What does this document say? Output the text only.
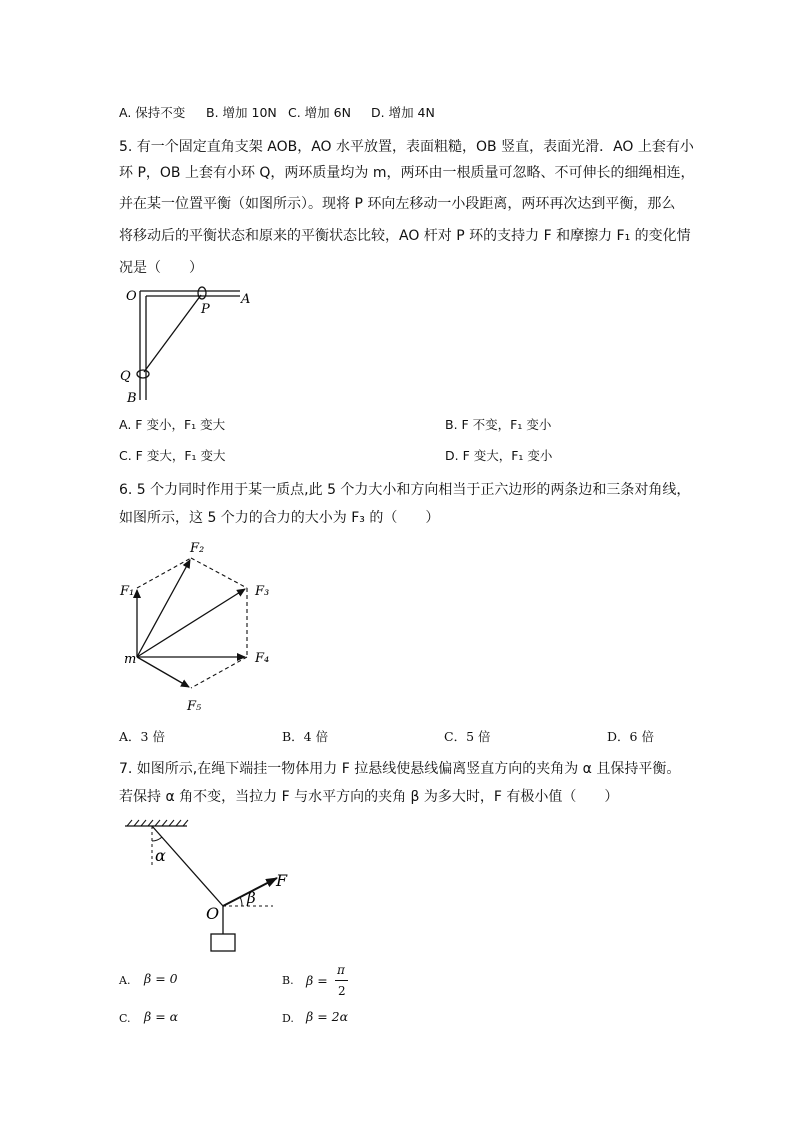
A. 保持不变 B. 增加 10N C. 增加 6N D. 增加 4N
5. 有一个固定直角支架 AOB，AO 水平放置，表面粗糙，OB 竖直，表面光滑．AO 上套有小
环 P，OB 上套有小环 Q，两环质量均为 m，两环由一根质量可忽略、不可伸长的细绳相连，
并在某一位置平衡（如图所示）。现将 P 环向左移动一小段距离，两环再次达到平衡，那么
将移动后的平衡状态和原来的平衡状态比较，AO 杆对 P 环的支持力 F 和摩擦力 F₁ 的变化情
况是（　　）
O	A
P
Q
B
A. F 变小，F₁ 变大	B. F 不变，F₁ 变小
C. F 变大，F₁ 变大	D. F 变大，F₁ 变小
6. 5 个力同时作用于某一质点,此 5 个力大小和方向相当于正六边形的两条边和三条对角线，
如图所示，这 5 个力的合力的大小为 F₃ 的（　　）
F₁
F₂
F₃
F₄
F₅
m
A．3 倍	B．4 倍	C．5 倍	D．6 倍
7. 如图所示,在绳下端挂一物体用力 F 拉悬线使悬线偏离竖直方向的夹角为 α 且保持平衡。
若保持 α 角不变，当拉力 F 与水平方向的夹角 β 为多大时，F 有极小值（　　）
α
β
F
O
A. β = 0	B. β =
π
2
C. β = α	D. β = 2α
